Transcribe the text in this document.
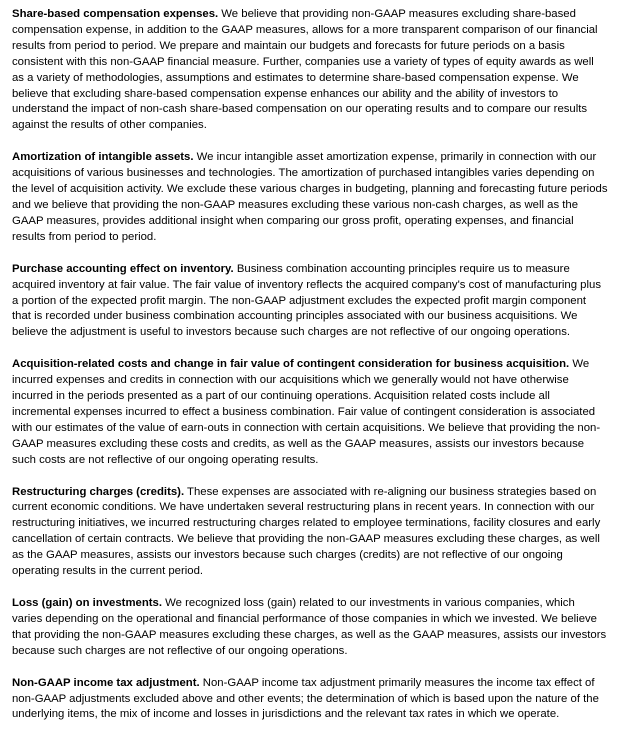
Share-based compensation expenses. We believe that providing non-GAAP measures excluding share-based compensation expense, in addition to the GAAP measures, allows for a more transparent comparison of our financial results from period to period. We prepare and maintain our budgets and forecasts for future periods on a basis consistent with this non-GAAP financial measure. Further, companies use a variety of types of equity awards as well as a variety of methodologies, assumptions and estimates to determine share-based compensation expense. We believe that excluding share-based compensation expense enhances our ability and the ability of investors to understand the impact of non-cash share-based compensation on our operating results and to compare our results against the results of other companies.

Amortization of intangible assets. We incur intangible asset amortization expense, primarily in connection with our acquisitions of various businesses and technologies. The amortization of purchased intangibles varies depending on the level of acquisition activity. We exclude these various charges in budgeting, planning and forecasting future periods and we believe that providing the non-GAAP measures excluding these various non-cash charges, as well as the GAAP measures, provides additional insight when comparing our gross profit, operating expenses, and financial results from period to period.

Purchase accounting effect on inventory. Business combination accounting principles require us to measure acquired inventory at fair value. The fair value of inventory reflects the acquired company's cost of manufacturing plus a portion of the expected profit margin. The non-GAAP adjustment excludes the expected profit margin component that is recorded under business combination accounting principles associated with our business acquisitions. We believe the adjustment is useful to investors because such charges are not reflective of our ongoing operations.

Acquisition-related costs and change in fair value of contingent consideration for business acquisition. We incurred expenses and credits in connection with our acquisitions which we generally would not have otherwise incurred in the periods presented as a part of our continuing operations. Acquisition related costs include all incremental expenses incurred to effect a business combination. Fair value of contingent consideration is associated with our estimates of the value of earn-outs in connection with certain acquisitions. We believe that providing the non-GAAP measures excluding these costs and credits, as well as the GAAP measures, assists our investors because such costs are not reflective of our ongoing operating results.

Restructuring charges (credits). These expenses are associated with re-aligning our business strategies based on current economic conditions. We have undertaken several restructuring plans in recent years. In connection with our restructuring initiatives, we incurred restructuring charges related to employee terminations, facility closures and early cancellation of certain contracts. We believe that providing the non-GAAP measures excluding these charges, as well as the GAAP measures, assists our investors because such charges (credits) are not reflective of our ongoing operating results in the current period.

Loss (gain) on investments. We recognized loss (gain) related to our investments in various companies, which varies depending on the operational and financial performance of those companies in which we invested. We believe that providing the non-GAAP measures excluding these charges, as well as the GAAP measures, assists our investors because such charges are not reflective of our ongoing operations.

Non-GAAP income tax adjustment. Non-GAAP income tax adjustment primarily measures the income tax effect of non-GAAP adjustments excluded above and other events; the determination of which is based upon the nature of the underlying items, the mix of income and losses in jurisdictions and the relevant tax rates in which we operate.
